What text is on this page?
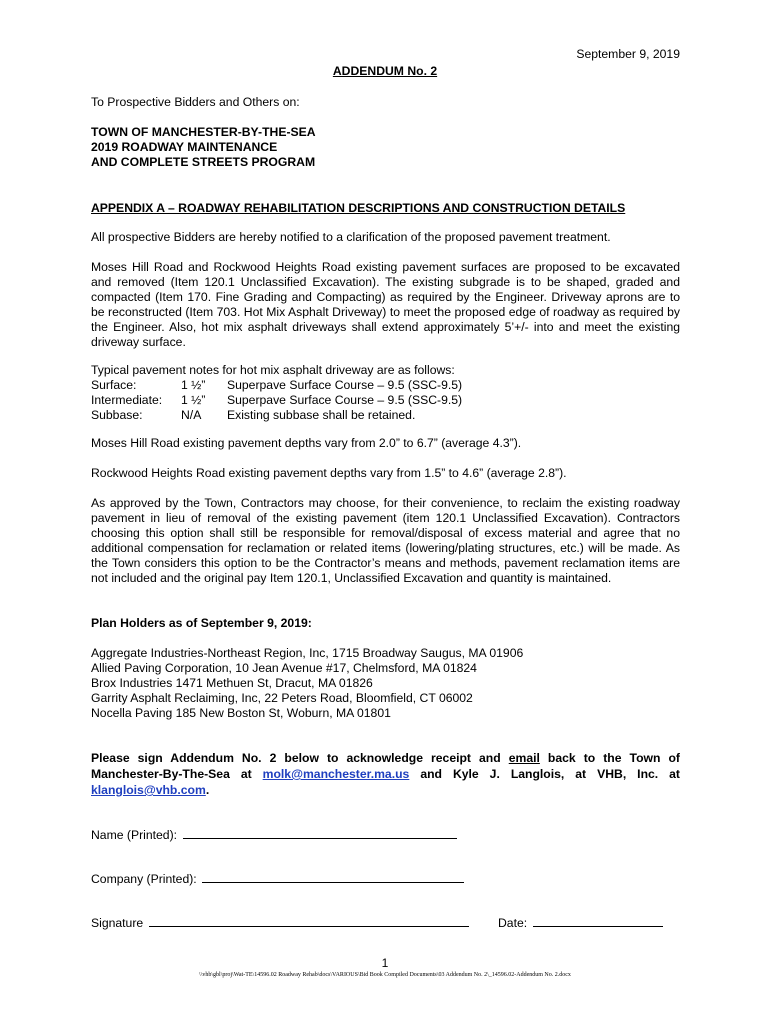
September 9, 2019
ADDENDUM No. 2
To Prospective Bidders and Others on:
TOWN OF MANCHESTER-BY-THE-SEA
2019 ROADWAY MAINTENANCE
AND COMPLETE STREETS PROGRAM
APPENDIX A – ROADWAY REHABILITATION DESCRIPTIONS AND CONSTRUCTION DETAILS

All prospective Bidders are hereby notified to a clarification of the proposed pavement treatment.

Moses Hill Road and Rockwood Heights Road existing pavement surfaces are proposed to be excavated and removed (Item 120.1 Unclassified Excavation). The existing subgrade is to be shaped, graded and compacted (Item 170. Fine Grading and Compacting) as required by the Engineer. Driveway aprons are to be reconstructed (Item 703. Hot Mix Asphalt Driveway) to meet the proposed edge of roadway as required by the Engineer. Also, hot mix asphalt driveways shall extend approximately 5’+/- into and meet the existing driveway surface.

Typical pavement notes for hot mix asphalt driveway are as follows:
Surface:	1 ½” Superpave Surface Course – 9.5 (SSC-9.5)
Intermediate: 1 ½” Superpave Surface Course – 9.5 (SSC-9.5)
Subbase:	N/A Existing subbase shall be retained.
Moses Hill Road existing pavement depths vary from 2.0” to 6.7” (average 4.3”).
Rockwood Heights Road existing pavement depths vary from 1.5” to 4.6” (average 2.8”).

As approved by the Town, Contractors may choose, for their convenience, to reclaim the existing roadway pavement in lieu of removal of the existing pavement (item 120.1 Unclassified Excavation). Contractors choosing this option shall still be responsible for removal/disposal of excess material and agree that no additional compensation for reclamation or related items (lowering/plating structures, etc.) will be made. As the Town considers this option to be the Contractor’s means and methods, pavement reclamation items are not included and the original pay Item 120.1, Unclassified Excavation and quantity is maintained.

Plan Holders as of September 9, 2019:
Aggregate Industries-Northeast Region, Inc, 1715 Broadway Saugus, MA 01906
Allied Paving Corporation, 10 Jean Avenue #17, Chelmsford, MA 01824
Brox Industries 1471 Methuen St, Dracut, MA 01826
Garrity Asphalt Reclaiming, Inc, 22 Peters Road, Bloomfield, CT 06002
Nocella Paving 185 New Boston St, Woburn, MA 01801

Please sign Addendum No. 2 below to acknowledge receipt and email back to the Town of Manchester-By-The-Sea at molk@manchester.ma.us and Kyle J. Langlois, at VHB, Inc. at klanglois@vhb.com.

Name (Printed):
Company (Printed):
Signature	Date:
1
\\vhb\gbl\proj\Wat-TE\14596.02 Roadway Rehab\docs\VARIOUS\Bid Book Compiled Documents\03 Addendum No. 2\_14596.02-Addendum No. 2.docx
